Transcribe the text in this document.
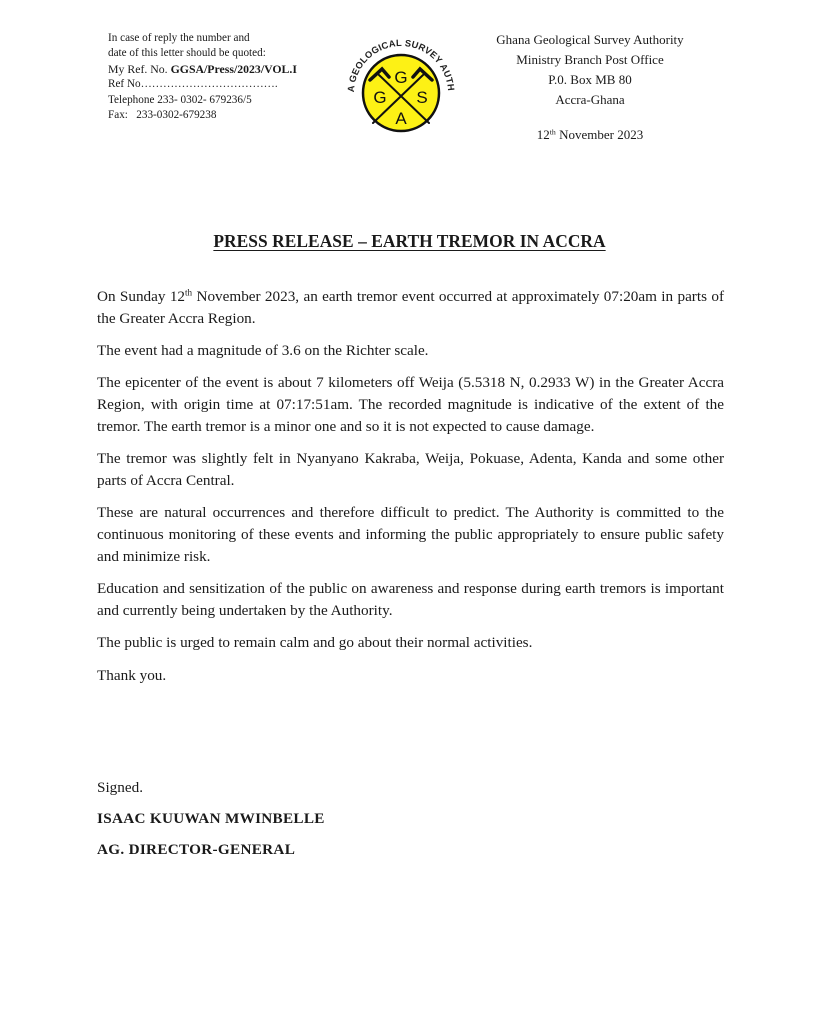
In case of reply the number and
date of this letter should be quoted:
My Ref. No. GGSA/Press/2023/VOL.I
Ref No……………………………….
Telephone 233- 0302- 679236/5
Fax:   233-0302-679238
A GEOLOGICAL SURVEY AUTH
G
G S
A
Ghana Geological Survey Authority
Ministry Branch Post Office
P.0. Box MB 80
Accra-Ghana
12th November 2023
PRESS RELEASE – EARTH TREMOR IN ACCRA

On Sunday 12th November 2023, an earth tremor event occurred at approximately 07:20am in parts of the Greater Accra Region.

The event had a magnitude of 3.6 on the Richter scale.

The epicenter of the event is about 7 kilometers off Weija (5.5318 N, 0.2933 W) in the Greater Accra Region, with origin time at 07:17:51am. The recorded magnitude is indicative of the extent of the tremor. The earth tremor is a minor one and so it is not expected to cause damage.

The tremor was slightly felt in Nyanyano Kakraba, Weija, Pokuase, Adenta, Kanda and some other parts of Accra Central.

These are natural occurrences and therefore difficult to predict. The Authority is committed to the continuous monitoring of these events and informing the public appropriately to ensure public safety and minimize risk.

Education and sensitization of the public on awareness and response during earth tremors is important and currently being undertaken by the Authority.

The public is urged to remain calm and go about their normal activities.

Thank you.

Signed.
ISAAC KUUWAN MWINBELLE
AG. DIRECTOR-GENERAL
